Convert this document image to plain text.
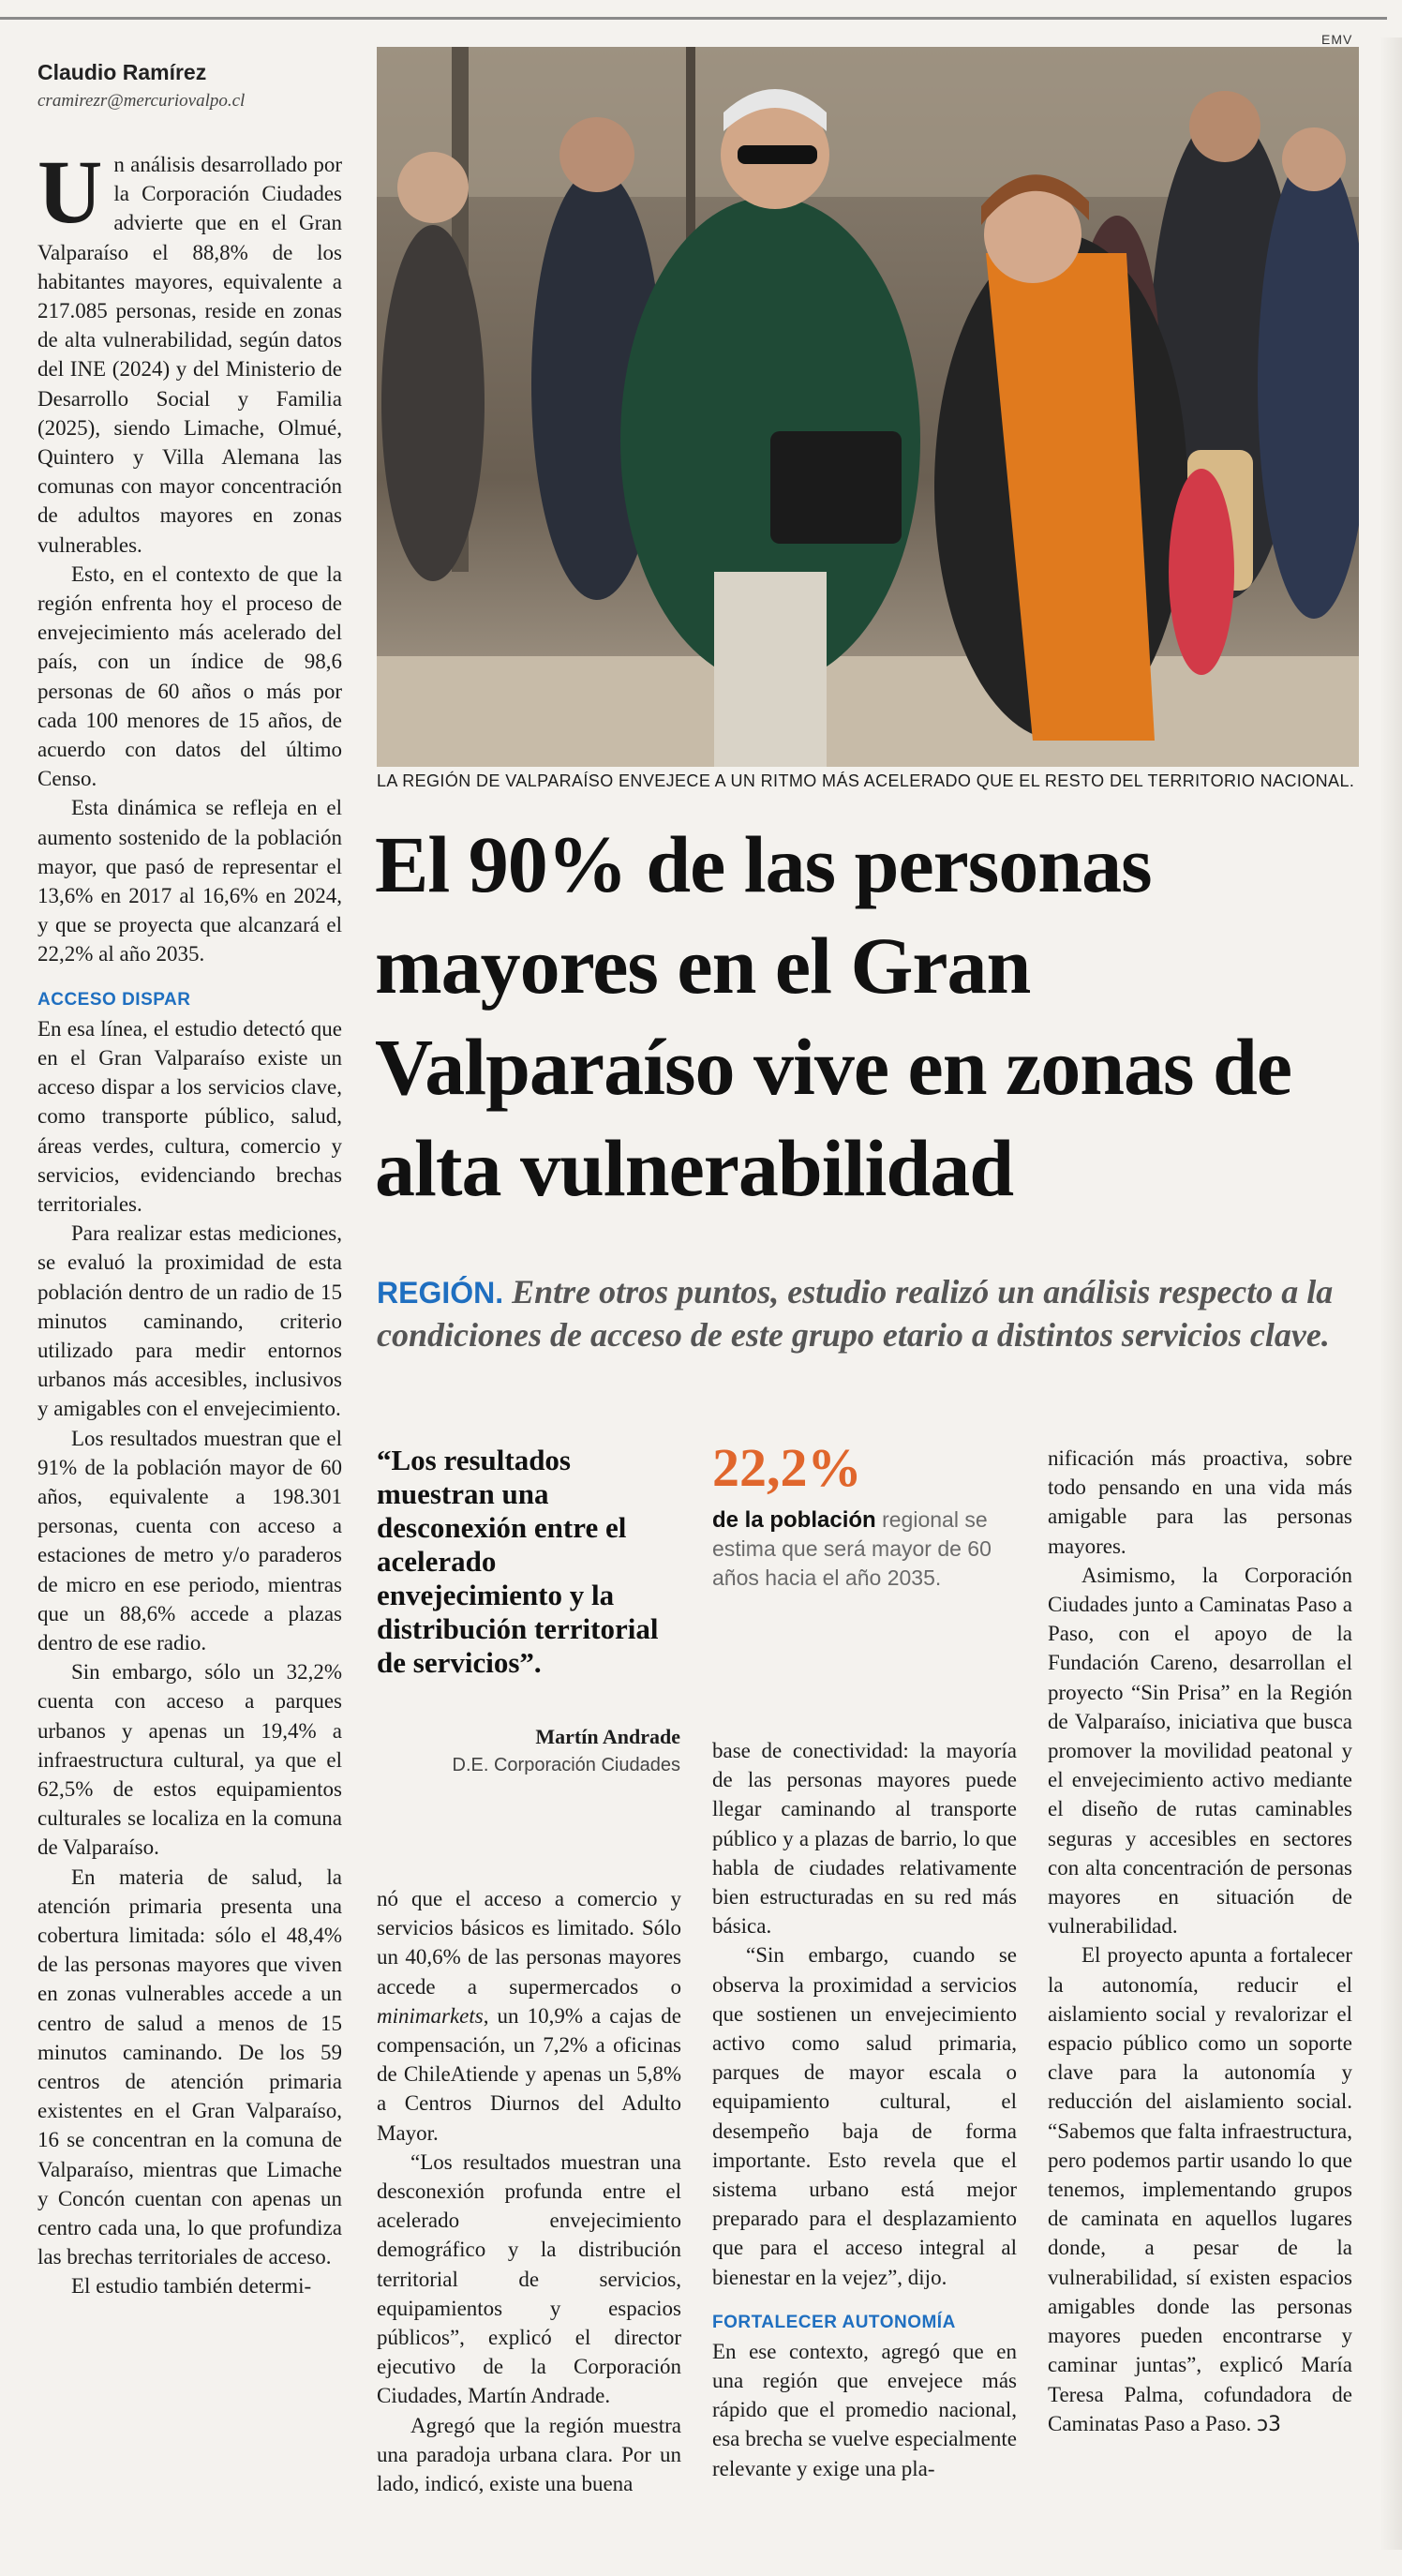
EMV
Claudio Ramírez
cramirezr@mercuriovalpo.cl

Un análisis desarrollado por la Corporación Ciudades advierte que en el Gran Valparaíso el 88,8% de los habitantes mayores, equivalente a 217.085 personas, reside en zonas de alta vulnerabilidad, según datos del INE (2024) y del Ministerio de Desarrollo Social y Familia (2025), siendo Limache, Olmué, Quintero y Villa Alemana las comunas con mayor concentración de adultos mayores en zonas vulnerables.

Esto, en el contexto de que la región enfrenta hoy el proceso de envejecimiento más acelerado del país, con un índice de 98,6 personas de 60 años o más por cada 100 menores de 15 años, de acuerdo con datos del último Censo.

Esta dinámica se refleja en el aumento sostenido de la población mayor, que pasó de representar el 13,6% en 2017 al 16,6% en 2024, y que se proyecta que alcanzará el 22,2% al año 2035.

ACCESO DISPAR

En esa línea, el estudio detectó que en el Gran Valparaíso existe un acceso dispar a los servicios clave, como transporte público, salud, áreas verdes, cultura, comercio y servicios, evidenciando brechas territoriales.

Para realizar estas mediciones, se evaluó la proximidad de esta población dentro de un radio de 15 minutos caminando, criterio utilizado para medir entornos urbanos más accesibles, inclusivos y amigables con el envejecimiento.

Los resultados muestran que el 91% de la población mayor de 60 años, equivalente a 198.301 personas, cuenta con acceso a estaciones de metro y/o paraderos de micro en ese periodo, mientras que un 88,6% accede a plazas dentro de ese radio.

Sin embargo, sólo un 32,2% cuenta con acceso a parques urbanos y apenas un 19,4% a infraestructura cultural, ya que el 62,5% de estos equipamientos culturales se localiza en la comuna de Valparaíso.

En materia de salud, la atención primaria presenta una cobertura limitada: sólo el 48,4% de las personas mayores que viven en zonas vulnerables accede a un centro de salud a menos de 15 minutos caminando. De los 59 centros de atención primaria existentes en el Gran Valparaíso, 16 se concentran en la comuna de Valparaíso, mientras que Limache y Concón cuentan con apenas un centro cada una, lo que profundiza las brechas territoriales de acceso.

El estudio también determi-

LA REGIÓN DE VALPARAÍSO ENVEJECE A UN RITMO MÁS ACELERADO QUE EL RESTO DEL TERRITORIO NACIONAL.
El 90% de las personas mayores en el Gran Valparaíso vive en zonas de alta vulnerabilidad
REGIÓN. Entre otros puntos, estudio realizó un análisis respecto a la condiciones de acceso de este grupo etario a distintos servicios clave.
“Los resultados muestran una desconexión entre el acelerado envejecimiento y la distribución territorial de servicios”.
Martín Andrade
D.E. Corporación Ciudades
22,2%
de la población regional se estima que será mayor de 60 años hacia el año 2035.

nó que el acceso a comercio y servicios básicos es limitado. Sólo un 40,6% de las personas mayores accede a supermercados o minimarkets, un 10,9% a cajas de compensación, un 7,2% a oficinas de ChileAtiende y apenas un 5,8% a Centros Diurnos del Adulto Mayor.

“Los resultados muestran una desconexión profunda entre el acelerado envejecimiento demográfico y la distribución territorial de servicios, equipamientos y espacios públicos”, explicó el director ejecutivo de la Corporación Ciudades, Martín Andrade.

Agregó que la región muestra una paradoja urbana clara. Por un lado, indicó, existe una buena

base de conectividad: la mayoría de las personas mayores puede llegar caminando al transporte público y a plazas de barrio, lo que habla de ciudades relativamente bien estructuradas en su red más básica.

“Sin embargo, cuando se observa la proximidad a servicios que sostienen un envejecimiento activo como salud primaria, parques de mayor escala o equipamiento cultural, el desempeño baja de forma importante. Esto revela que el sistema urbano está mejor preparado para el desplazamiento que para el acceso integral al bienestar en la vejez”, dijo.

FORTALECER AUTONOMÍA

En ese contexto, agregó que en una región que envejece más rápido que el promedio nacional, esa brecha se vuelve especialmente relevante y exige una pla-

nificación más proactiva, sobre todo pensando en una vida más amigable para las personas mayores.

Asimismo, la Corporación Ciudades junto a Caminatas Paso a Paso, con el apoyo de la Fundación Careno, desarrollan el proyecto “Sin Prisa” en la Región de Valparaíso, iniciativa que busca promover la movilidad peatonal y el envejecimiento activo mediante el diseño de rutas caminables seguras y accesibles en sectores con alta concentración de personas mayores en situación de vulnerabilidad.

El proyecto apunta a fortalecer la autonomía, reducir el aislamiento social y revalorizar el espacio público como un soporte clave para la autonomía y reducción del aislamiento social. “Sabemos que falta infraestructura, pero podemos partir usando lo que tenemos, implementando grupos de caminata en aquellos lugares donde, a pesar de la vulnerabilidad, sí existen espacios amigables donde las personas mayores pueden encontrarse y caminar juntas”, explicó María Teresa Palma, cofundadora de Caminatas Paso a Paso. ↄ3
